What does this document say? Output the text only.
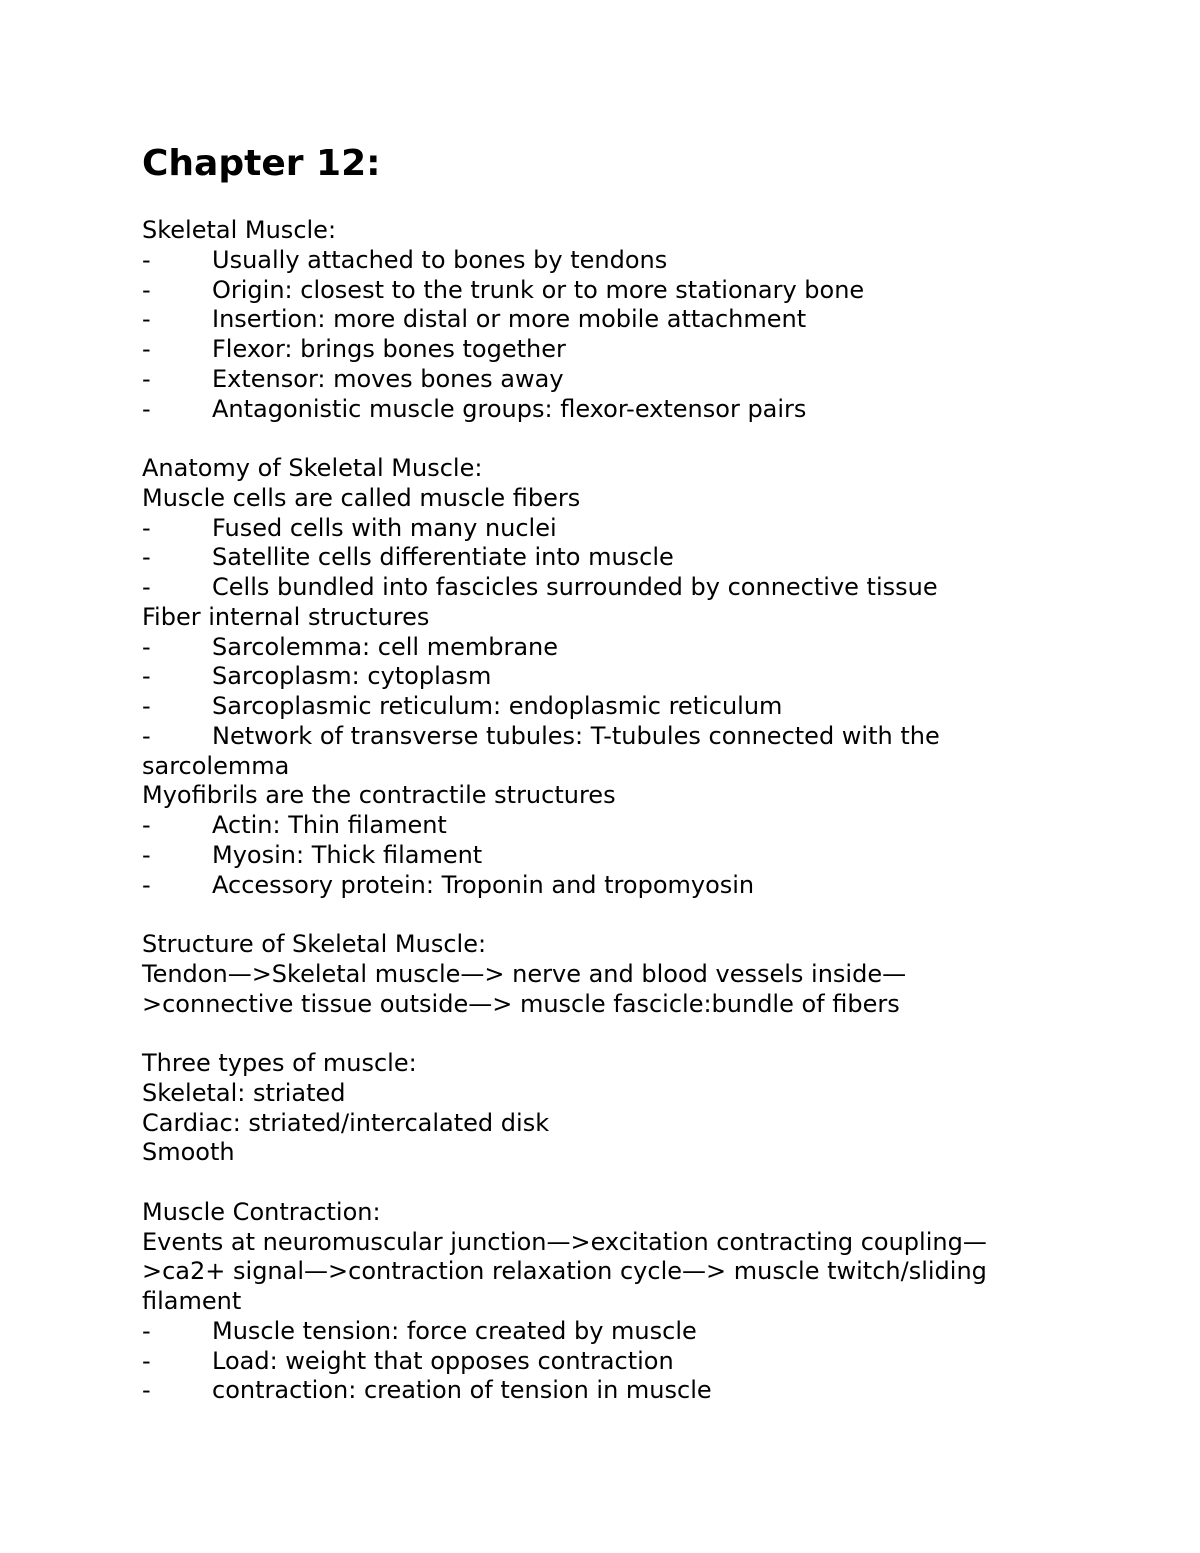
Chapter 12:
Skeletal Muscle:
-	Usually attached to bones by tendons
-	Origin: closest to the trunk or to more stationary bone
-	Insertion: more distal or more mobile attachment
-	Flexor: brings bones together
-	Extensor: moves bones away
-	Antagonistic muscle groups: flexor-extensor pairs
Anatomy of Skeletal Muscle:
Muscle cells are called muscle fibers
-	Fused cells with many nuclei
-	Satellite cells differentiate into muscle
-	Cells bundled into fascicles surrounded by connective tissue
Fiber internal structures
-	Sarcolemma: cell membrane
-	Sarcoplasm: cytoplasm
-	Sarcoplasmic reticulum: endoplasmic reticulum
-	Network of transverse tubules: T-tubules connected with the
sarcolemma
Myofibrils are the contractile structures
-	Actin: Thin filament
-	Myosin: Thick filament
-	Accessory protein: Troponin and tropomyosin
Structure of Skeletal Muscle:
Tendon—>Skeletal muscle—> nerve and blood vessels inside—
>connective tissue outside—> muscle fascicle:bundle of fibers
Three types of muscle:
Skeletal: striated
Cardiac: striated/intercalated disk
Smooth
Muscle Contraction:
Events at neuromuscular junction—>excitation contracting coupling—
>ca2+ signal—>contraction relaxation cycle—> muscle twitch/sliding
filament
-	Muscle tension: force created by muscle
-	Load: weight that opposes contraction
-	contraction: creation of tension in muscle
